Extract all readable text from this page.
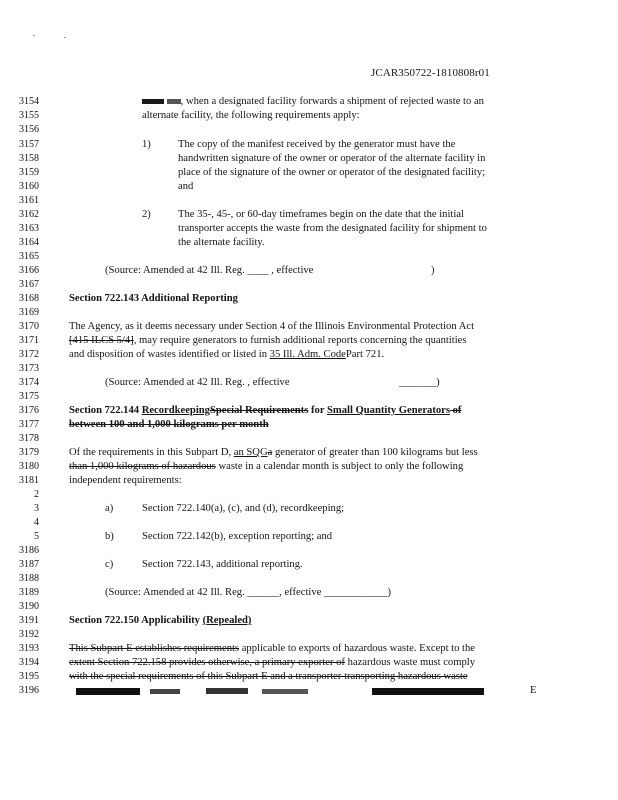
JCAR350722-1810808r01
3154
3155
3156
3157
3158
3159
3160
3161
3162
3163
3164
3165
3166
3167
3168
3169
3170
3171
3172
3173
3174
3175
3176
3177
3178
3179
3180
3181
2
3
4
5
3186
3187
3188
3189
3190
3191
3192
3193
3194
3195
3196
, when a designated facility forwards a shipment of rejected waste to an
alternate facility, the following requirements apply:
1)	The copy of the manifest received by the generator must have the
handwritten signature of the owner or operator of the alternate facility in
place of the signature of the owner or operator of the designated facility;
and
2)	The 35-, 45-, or 60-day timeframes begin on the date that the initial
transporter accepts the waste from the designated facility for shipment to
the alternate facility.
(Source: Amended at 42 Ill. Reg. ____ , effective	)
Section 722.143 Additional Reporting
The Agency, as it deems necessary under Section 4 of the Illinois Environmental Protection Act
[415 ILCS 5/4], may require generators to furnish additional reports concerning the quantities
and disposition of wastes identified or listed in 35 Ill. Adm. CodePart 721.
(Source: Amended at 42 Ill. Reg. , effective	_______)
Section 722.144 RecordkeepingSpecial Requirements for Small Quantity Generators of
between 100 and 1,000 kilograms per month
Of the requirements in this Subpart D, an SQGa generator of greater than 100 kilograms but less
than 1,000 kilograms of hazardous waste in a calendar month is subject to only the following
independent requirements:
a)	Section 722.140(a), (c), and (d), recordkeeping;
b)	Section 722.142(b), exception reporting; and
c)	Section 722.143, additional reporting.
(Source: Amended at 42 Ill. Reg. ______, effective ____________)
Section 722.150 Applicability (Repealed)
This Subpart E establishes requirements applicable to exports of hazardous waste. Except to the
extent Section 722.158 provides otherwise, a primary exporter of hazardous waste must comply
with the special requirements of this Subpart E and a transporter transporting hazardous waste
E
